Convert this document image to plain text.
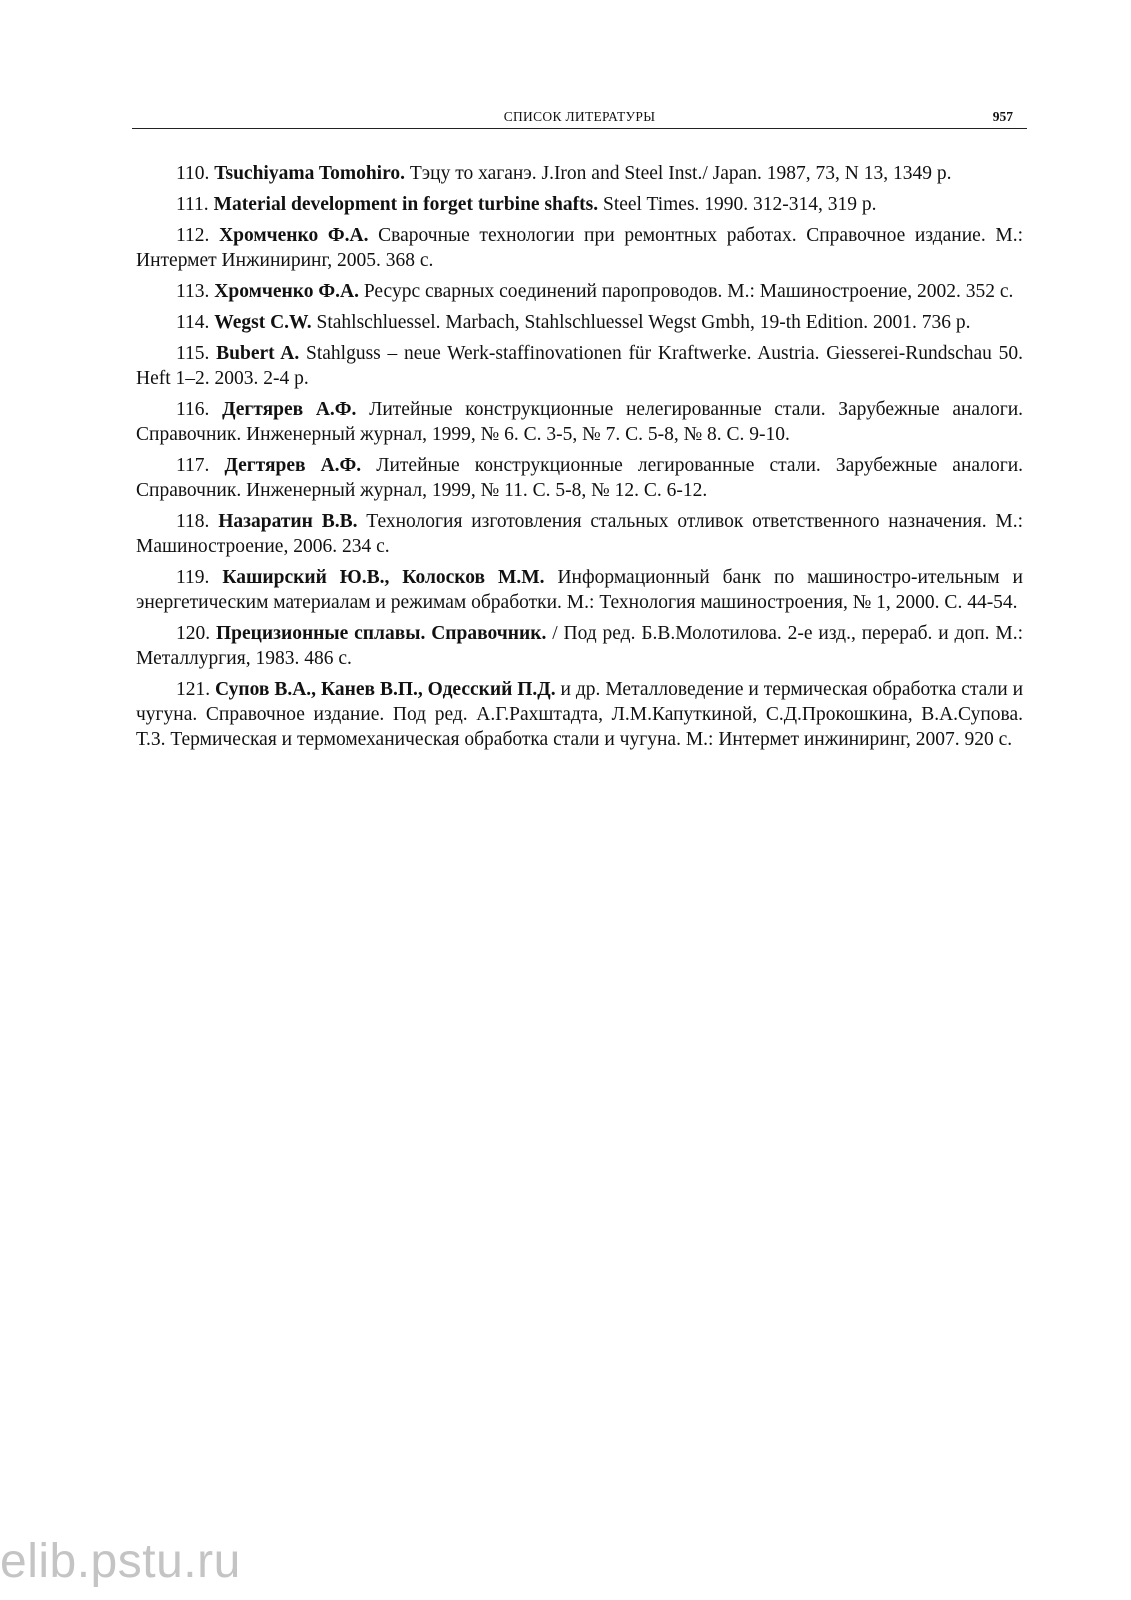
СПИСОК ЛИТЕРАТУРЫ	957

110. Tsuchiyama Tomohiro. Тэцу то хаганэ. J.Iron and Steel Inst./ Japan. 1987, 73, N 13, 1349 p.

111. Material development in forget turbine shafts. Steel Times. 1990. 312-314, 319 p.

112. Хромченко Ф.А. Сварочные технологии при ремонтных работах. Справочное издание. М.: Интермет Инжиниринг, 2005. 368 с.

113. Хромченко Ф.А. Ресурс сварных соединений паропроводов. М.: Машиностроение, 2002. 352 с.

114. Wegst C.W. Stahlschluessel. Marbach, Stahlschluessel Wegst Gmbh, 19-th Edition. 2001. 736 p.

115. Bubert A. Stahlguss – neue Werk-staffinovationen für Kraftwerke. Austria. Giesserei-Rundschau 50. Heft 1–2. 2003. 2-4 p.

116. Дегтярев А.Ф. Литейные конструкционные нелегированные стали. Зарубежные аналоги. Справочник. Инженерный журнал, 1999, № 6. С. 3-5, № 7. С. 5-8, № 8. С. 9-10.

117. Дегтярев А.Ф. Литейные конструкционные легированные стали. Зарубежные аналоги. Справочник. Инженерный журнал, 1999, № 11. С. 5-8, № 12. С. 6-12.

118. Назаратин В.В. Технология изготовления стальных отливок ответственного назначения. М.: Машиностроение, 2006. 234 с.

119. Каширский Ю.В., Колосков М.М. Информационный банк по машиностро-ительным и энергетическим материалам и режимам обработки. М.: Технология машиностроения, № 1, 2000. С. 44-54.

120. Прецизионные сплавы. Справочник. / Под ред. Б.В.Молотилова. 2-е изд., перераб. и доп. М.: Металлургия, 1983. 486 с.

121. Супов В.А., Канев В.П., Одесский П.Д. и др. Металловедение и термическая обработка стали и чугуна. Справочное издание. Под ред. А.Г.Рахштадта, Л.М.Капуткиной, С.Д.Прокошкина, В.А.Супова. Т.3. Термическая и термомеханическая обработка стали и чугуна. М.: Интермет инжиниринг, 2007. 920 с.

elib.pstu.ru
